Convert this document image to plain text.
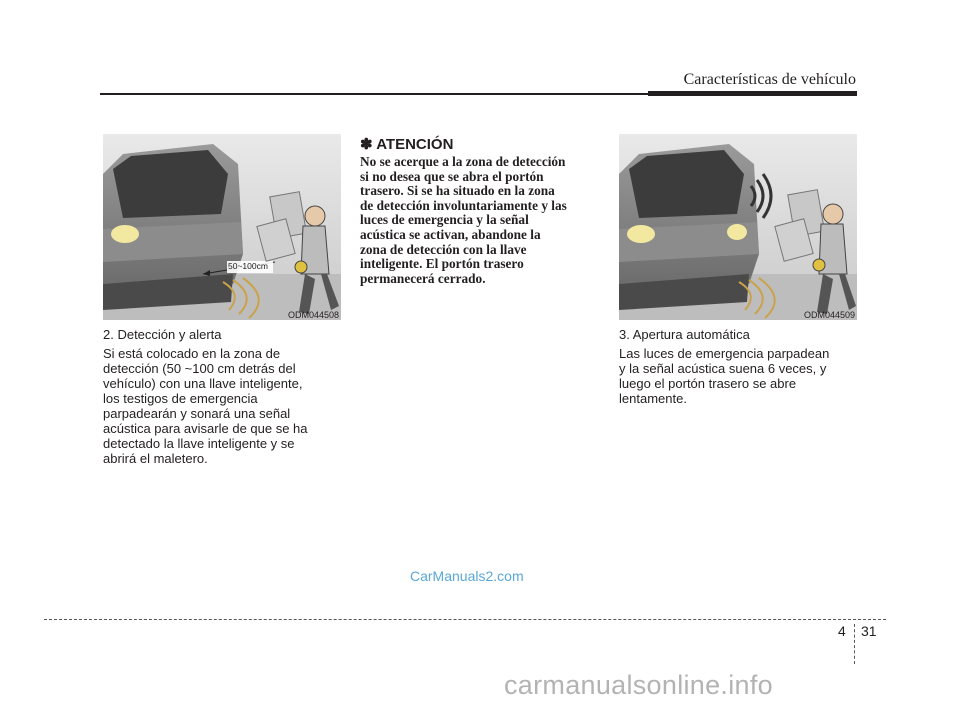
Características de vehículo
50~100cm
ODM044508
2. Detección y alerta
Si está colocado en la zona de
detección (50 ~100 cm detrás del
vehículo) con una llave inteligente,
los testigos de emergencia
parpadearán y sonará una señal
acústica para avisarle de que se ha
detectado la llave inteligente y se
abrirá el maletero.
✽ ATENCIÓN
No se acerque a la zona de detección
si no desea que se abra el portón
trasero. Si se ha situado en la zona
de detección involuntariamente y las
luces de emergencia y la señal
acústica se activan, abandone la
zona de detección con la llave
inteligente. El portón trasero
permanecerá cerrado.
ODM044509
3. Apertura automática
Las luces de emergencia parpadean
y la señal acústica suena 6 veces, y
luego el portón trasero se abre
lentamente.
CarManuals2.com
4 31
carmanualsonline.info
